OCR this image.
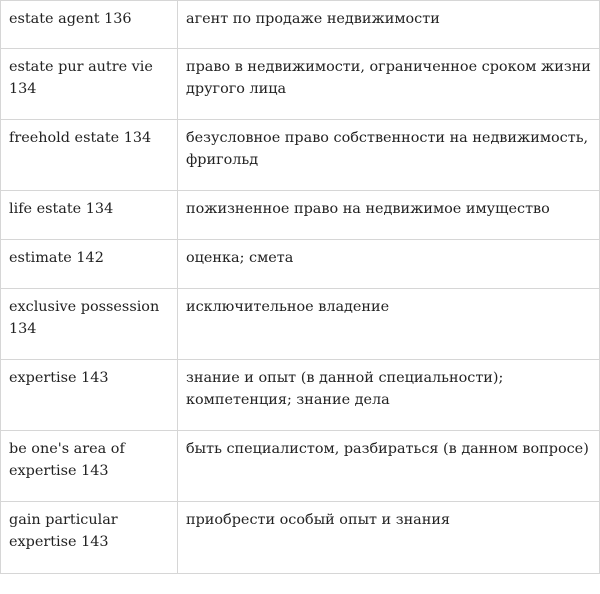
estate agent 136	агент по продаже недвижимости
estate pur autre vie 134	право в недвижимости, ограниченное сроком жизни другого лица
freehold estate 134	безусловное право собственности на недвижимость, фригольд
life estate 134	пожизненное право на недвижимое имущество
estimate 142	оценка; смета
exclusive possession 134	исключительное владение
expertise 143	знание и опыт (в данной специальности); компетенция; знание дела
be one's area of expertise 143	быть специалистом, разбираться (в данном вопросе)
gain particular expertise 143	приобрести особый опыт и знания
